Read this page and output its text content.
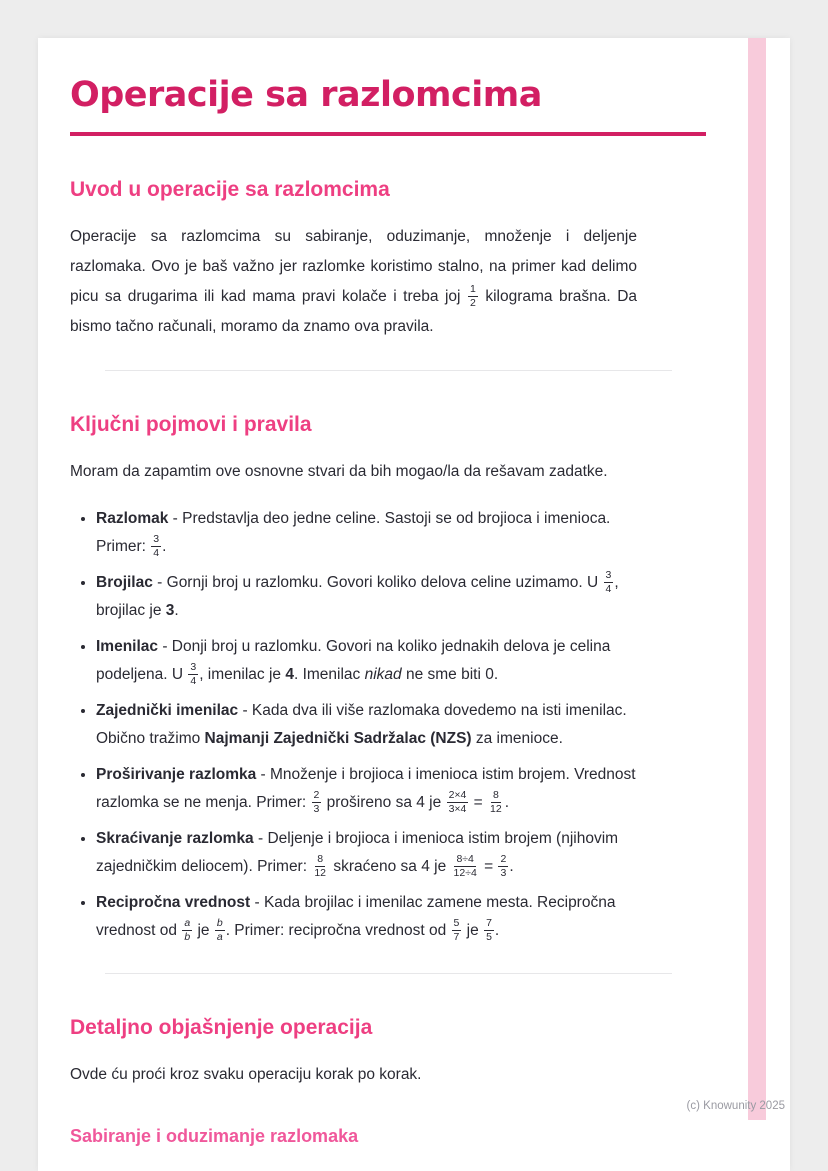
Operacije sa razlomcima
Uvod u operacije sa razlomcima

Operacije sa razlomcima su sabiranje, oduzimanje, množenje i deljenje razlomaka. Ovo je baš važno jer razlomke koristimo stalno, na primer kad delimo picu sa drugarima ili kad mama pravi kolače i treba joj $\frac{1}{2}$ kilograma brašna. Da bismo tačno računali, moramo da znamo ova pravila.

Ključni pojmovi i pravila

Moram da zapamtim ove osnovne stvari da bih mogao/la da rešavam zadatke.

• Razlomak - Predstavlja deo jedne celine. Sastoji se od brojioca i imenioca. Primer: $\frac{3}{4}$ .
• Brojilac - Gornji broj u razlomku. Govori koliko delova celine uzimamo. U $\frac{3}{4}$ , brojilac je 3.
• Imenilac - Donji broj u razlomku. Govori na koliko jednakih delova je celina podeljena. U $\frac{3}{4}$ , imenilac je 4. Imenilac nikad ne sme biti 0.
• Zajednički imenilac - Kada dva ili više razlomaka dovedemo na isti imenilac. Obično tražimo Najmanji Zajednički Sadržalac (NZS) za imenioce.
• Proširivanje razlomka - Množenje i brojioca i imenioca istim brojem. Vrednost razlomka se ne menja. Primer: $\frac{2}{3}$ prošireno sa 4 je $\frac{2\times 4}{3\times 4} = \frac{8}{12}$ .
• Skraćivanje razlomka - Deljenje i brojioca i imenioca istim brojem (njihovim zajedničkim deliocem). Primer: $\frac{8}{12}$ skraćeno sa 4 je $\frac{8\div 4}{12\div 4} = \frac{2}{3}$ .
• Recipročna vrednost - Kada brojilac i imenilac zamene mesta. Recipročna vrednost od $\frac{a}{b}$ je $\frac{b}{a}$ . Primer: recipročna vrednost od $\frac{5}{7}$ je $\frac{7}{5}$ .
Detaljno objašnjenje operacija

Ovde ću proći kroz svaku operaciju korak po korak.

Sabiranje i oduzimanje razlomaka
(c) Knowunity 2025
